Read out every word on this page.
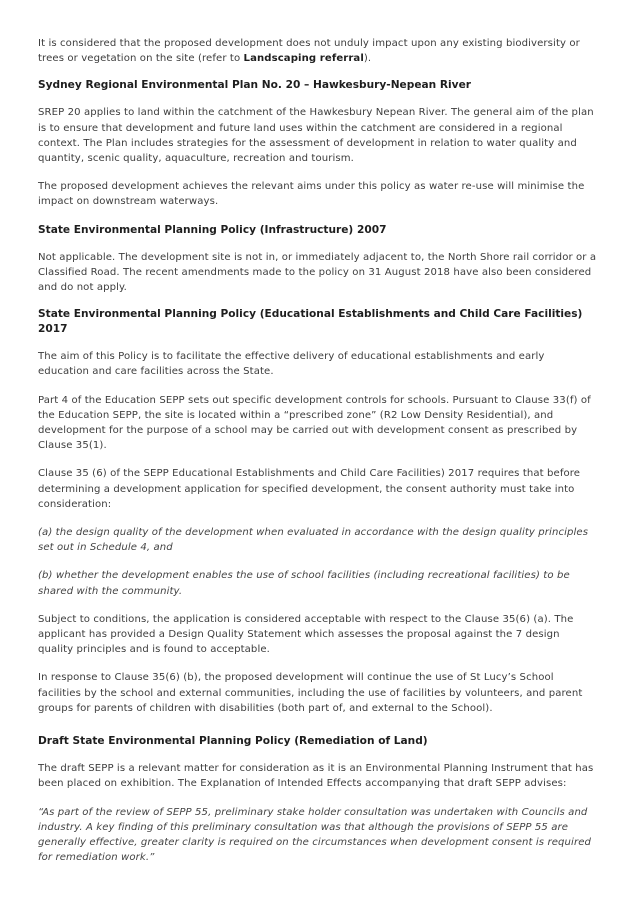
It is considered that the proposed development does not unduly impact upon any existing biodiversity or trees or vegetation on the site (refer to Landscaping referral).

Sydney Regional Environmental Plan No. 20 – Hawkesbury-Nepean River

SREP 20 applies to land within the catchment of the Hawkesbury Nepean River. The general aim of the plan is to ensure that development and future land uses within the catchment are considered in a regional context. The Plan includes strategies for the assessment of development in relation to water quality and quantity, scenic quality, aquaculture, recreation and tourism.

The proposed development achieves the relevant aims under this policy as water re-use will minimise the impact on downstream waterways.

State Environmental Planning Policy (Infrastructure) 2007

Not applicable. The development site is not in, or immediately adjacent to, the North Shore rail corridor or a Classified Road. The recent amendments made to the policy on 31 August 2018 have also been considered and do not apply.

State Environmental Planning Policy (Educational Establishments and Child Care Facilities) 2017

The aim of this Policy is to facilitate the effective delivery of educational establishments and early education and care facilities across the State.

Part 4 of the Education SEPP sets out specific development controls for schools. Pursuant to Clause 33(f) of the Education SEPP, the site is located within a “prescribed zone” (R2 Low Density Residential), and development for the purpose of a school may be carried out with development consent as prescribed by Clause 35(1).

Clause 35 (6) of the SEPP Educational Establishments and Child Care Facilities) 2017 requires that before determining a development application for specified development, the consent authority must take into consideration:

(a) the design quality of the development when evaluated in accordance with the design quality principles set out in Schedule 4, and

(b) whether the development enables the use of school facilities (including recreational facilities) to be shared with the community.

Subject to conditions, the application is considered acceptable with respect to the Clause 35(6) (a). The applicant has provided a Design Quality Statement which assesses the proposal against the 7 design quality principles and is found to acceptable.

In response to Clause 35(6) (b), the proposed development will continue the use of St Lucy’s School facilities by the school and external communities, including the use of facilities by volunteers, and parent groups for parents of children with disabilities (both part of, and external to the School).

Draft State Environmental Planning Policy (Remediation of Land)

The draft SEPP is a relevant matter for consideration as it is an Environmental Planning Instrument that has been placed on exhibition. The Explanation of Intended Effects accompanying that draft SEPP advises:

“As part of the review of SEPP 55, preliminary stake holder consultation was undertaken with Councils and industry. A key finding of this preliminary consultation was that although the provisions of SEPP 55 are generally effective, greater clarity is required on the circumstances when development consent is required for remediation work.”
